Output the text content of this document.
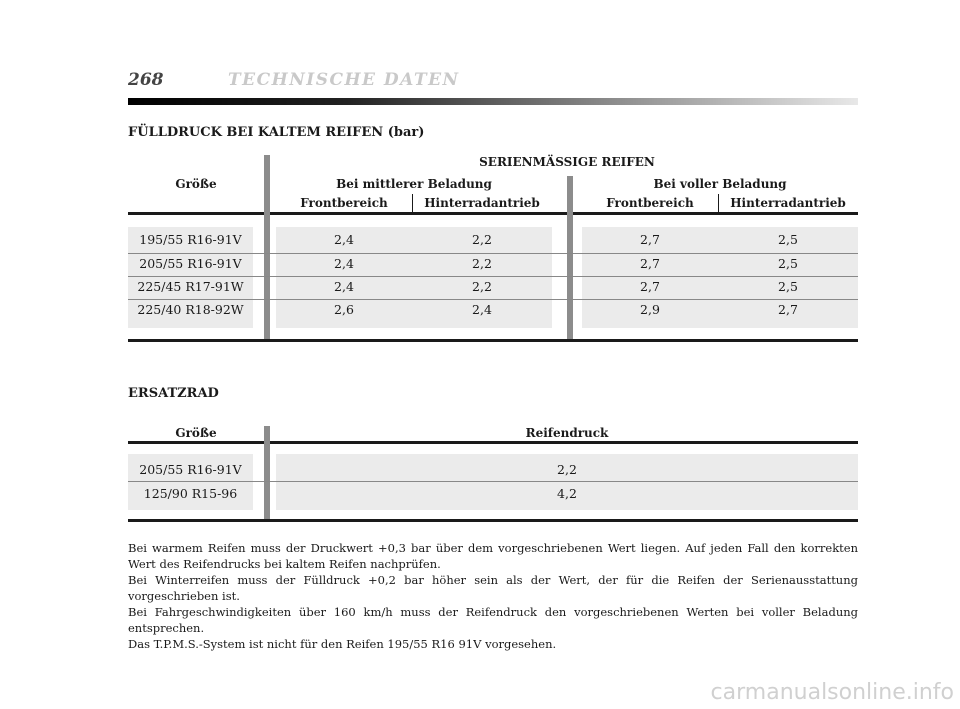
268	TECHNISCHE DATEN
FÜLLDRUCK BEI KALTEM REIFEN (bar)
SERIENMÄSSIGE REIFEN
Größe	Bei mittlerer Beladung	Bei voller Beladung
Frontbereich	Hinterradantrieb	Frontbereich	Hinterradantrieb
195/55 R16-91V	2,4	2,2	2,7	2,5
205/55 R16-91V	2,4	2,2	2,7	2,5
225/45 R17-91W	2,4	2,2	2,7	2,5
225/40 R18-92W	2,6	2,4	2,9	2,7
ERSATZRAD
Größe	Reifendruck
205/55 R16-91V	2,2
125/90 R15-96	4,2

Bei warmem Reifen muss der Druckwert +0,3 bar über dem vorgeschriebenen Wert liegen. Auf jeden Fall den korrekten Wert des Reifendrucks bei kaltem Reifen nachprüfen.

Bei Winterreifen muss der Fülldruck +0,2 bar höher sein als der Wert, der für die Reifen der Serienausstattung vorgeschrieben ist.

Bei Fahrgeschwindigkeiten über 160 km/h muss der Reifendruck den vorgeschriebenen Werten bei voller Beladung entsprechen.

Das T.P.M.S.-System ist nicht für den Reifen 195/55 R16 91V vorgesehen.

carmanualsonline.info
